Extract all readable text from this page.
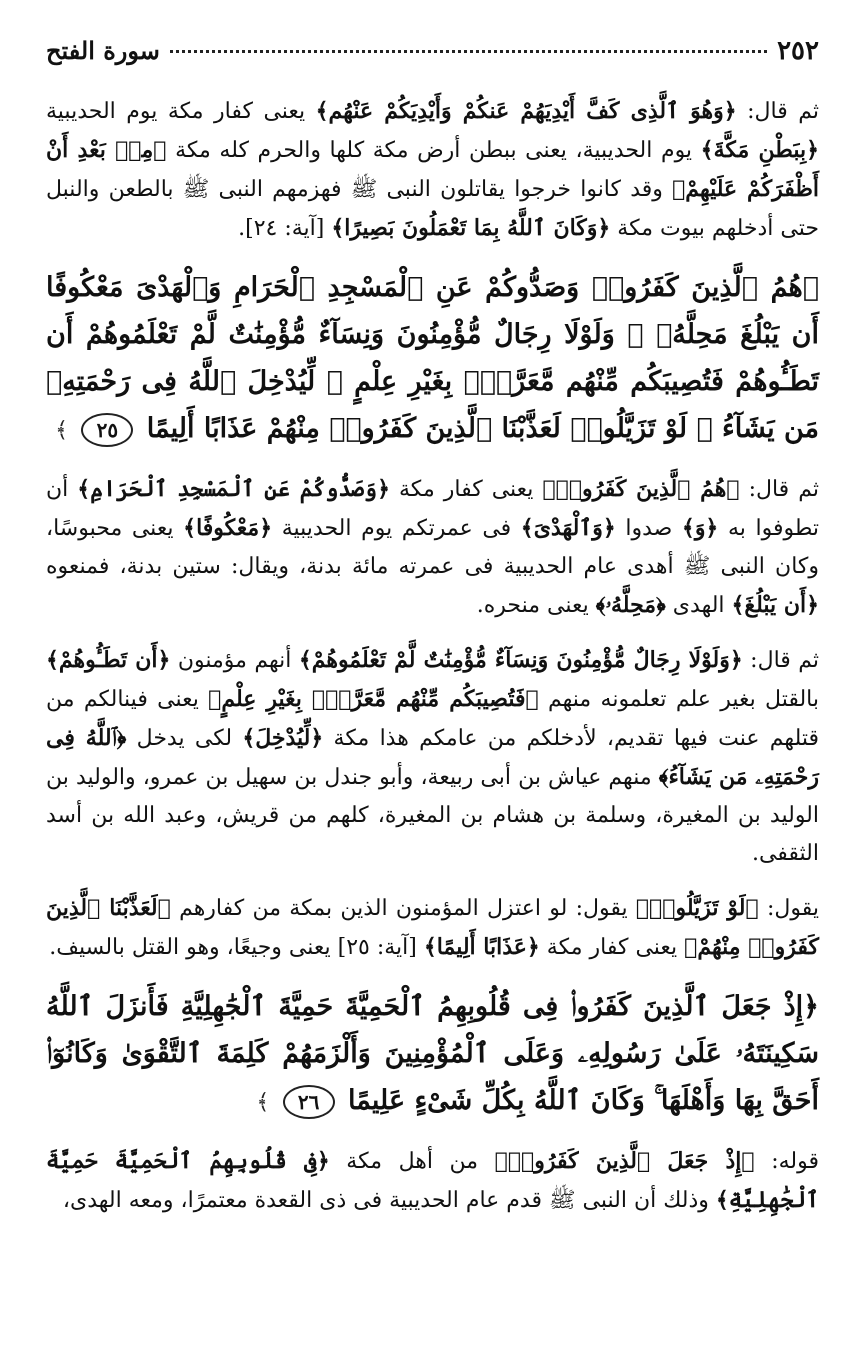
٢٥٢
سورة الفتح

ثم قال: ﴿وَهُوَ ٱلَّذِى كَفَّ أَيْدِيَهُمْ عَنكُمْ وَأَيْدِيَكُمْ عَنْهُم﴾ يعنى كفار مكة يوم الحديبية ﴿بِبَطْنِ مَكَّةَ﴾ يوم الحديبية، يعنى ببطن أرض مكة كلها والحرم كله مكة ﴿مِنۢ بَعْدِ أَنْ أَظْفَرَكُمْ عَلَيْهِمْ﴾ وقد كانوا خرجوا يقاتلون النبى ﷺ فهزمهم النبى ﷺ بالطعن والنبل حتى أدخلهم بيوت مكة ﴿وَكَانَ ٱللَّهُ بِمَا تَعْمَلُونَ بَصِيرًا﴾ [آية: ٢٤].

﴿هُمُ ٱلَّذِينَ كَفَرُوا۟ وَصَدُّوكُمْ عَنِ ٱلْمَسْجِدِ ٱلْحَرَامِ وَٱلْهَدْىَ مَعْكُوفًا أَن يَبْلُغَ مَحِلَّهُۥ ۚ وَلَوْلَا رِجَالٌ مُّؤْمِنُونَ وَنِسَآءٌ مُّؤْمِنَٰتٌ لَّمْ تَعْلَمُوهُمْ أَن تَطَـُٔوهُمْ فَتُصِيبَكُم مِّنْهُم مَّعَرَّةٌۢ بِغَيْرِ عِلْمٍ ۖ لِّيُدْخِلَ ٱللَّهُ فِى رَحْمَتِهِۦ مَن يَشَآءُ ۚ لَوْ تَزَيَّلُوا۟ لَعَذَّبْنَا ٱلَّذِينَ كَفَرُوا۟ مِنْهُمْ عَذَابًا أَلِيمًا ٢٥ ﴾

ثم قال: ﴿هُمُ ٱلَّذِينَ كَفَرُوا۟﴾ يعنى كفار مكة ﴿وَصَدُّوكُمْ عَنِ ٱلْمَسْجِدِ ٱلْحَرَامِ﴾ أن تطوفوا به ﴿وَ﴾ صدوا ﴿وَٱلْهَدْىَ﴾ فى عمرتكم يوم الحديبية ﴿مَعْكُوفًا﴾ يعنى محبوسًا، وكان النبى ﷺ أهدى عام الحديبية فى عمرته مائة بدنة، ويقال: ستين بدنة، فمنعوه ﴿أَن يَبْلُغَ﴾ الهدى ﴿مَحِلَّهُۥ﴾ يعنى منحره.

ثم قال: ﴿وَلَوْلَا رِجَالٌ مُّؤْمِنُونَ وَنِسَآءٌ مُّؤْمِنَٰتٌ لَّمْ تَعْلَمُوهُمْ﴾ أنهم مؤمنون ﴿أَن تَطَـُٔوهُمْ﴾ بالقتل بغير علم تعلمونه منهم ﴿فَتُصِيبَكُم مِّنْهُم مَّعَرَّةٌۢ بِغَيْرِ عِلْمٍ﴾ يعنى فينالكم من قتلهم عنت فيها تقديم، لأدخلكم من عامكم هذا مكة ﴿لِّيُدْخِلَ﴾ لكى يدخل ﴿ٱللَّهُ فِى رَحْمَتِهِۦ مَن يَشَآءُ﴾ منهم عياش بن أبى ربيعة، وأبو جندل بن سهيل بن عمرو، والوليد بن الوليد بن المغيرة، وسلمة بن هشام بن المغيرة، كلهم من قريش، وعبد الله بن أسد الثقفى.

يقول: ﴿لَوْ تَزَيَّلُوا۟﴾ يقول: لو اعتزل المؤمنون الذين بمكة من كفارهم ﴿لَعَذَّبْنَا ٱلَّذِينَ كَفَرُوا۟ مِنْهُمْ﴾ يعنى كفار مكة ﴿عَذَابًا أَلِيمًا﴾ [آية: ٢٥] يعنى وجيعًا، وهو القتل بالسيف.

﴿إِذْ جَعَلَ ٱلَّذِينَ كَفَرُوا۟ فِى قُلُوبِهِمُ ٱلْحَمِيَّةَ حَمِيَّةَ ٱلْجَٰهِلِيَّةِ فَأَنزَلَ ٱللَّهُ سَكِينَتَهُۥ عَلَىٰ رَسُولِهِۦ وَعَلَى ٱلْمُؤْمِنِينَ وَأَلْزَمَهُمْ كَلِمَةَ ٱلتَّقْوَىٰ وَكَانُوٓا۟ أَحَقَّ بِهَا وَأَهْلَهَا ۚ وَكَانَ ٱللَّهُ بِكُلِّ شَىْءٍ عَلِيمًا ٢٦ ﴾

قوله: ﴿إِذْ جَعَلَ ٱلَّذِينَ كَفَرُوا۟﴾ من أهل مكة ﴿فِى قُلُوبِهِمُ ٱلْحَمِيَّةَ حَمِيَّةَ ٱلْجَٰهِلِيَّةِ﴾ وذلك أن النبى ﷺ قدم عام الحديبية فى ذى القعدة معتمرًا، ومعه الهدى،
